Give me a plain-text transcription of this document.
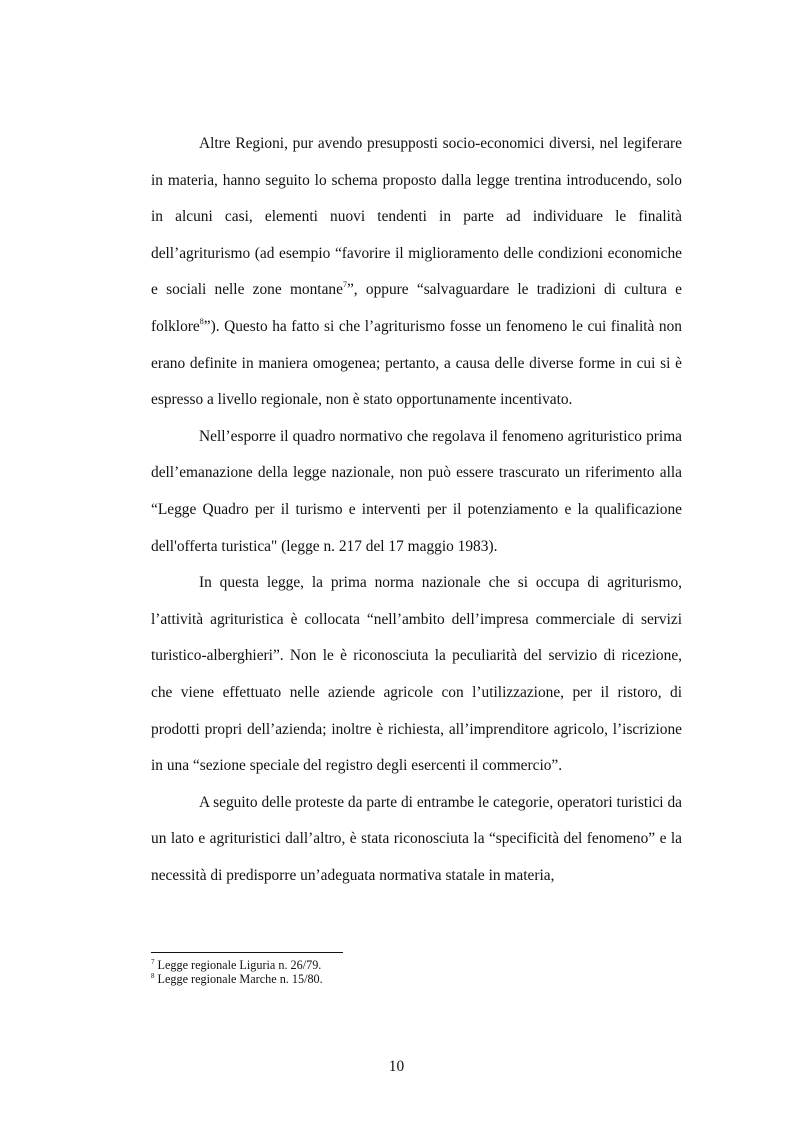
Altre Regioni, pur avendo presupposti socio-economici diversi, nel legiferare in materia, hanno seguito lo schema proposto dalla legge trentina introducendo, solo in alcuni casi, elementi nuovi tendenti in parte ad individuare le finalità dell’agriturismo (ad esempio “favorire il miglioramento delle condizioni economiche e sociali nelle zone montane$^7$”, oppure “salvaguardare le tradizioni di cultura e folklore$^8$”). Questo ha fatto si che l’agriturismo fosse un fenomeno le cui finalità non erano definite in maniera omogenea; pertanto, a causa delle diverse forme in cui si è espresso a livello regionale, non è stato opportunamente incentivato.

Nell’esporre il quadro normativo che regolava il fenomeno agrituristico prima dell’emanazione della legge nazionale, non può essere trascurato un riferimento alla “Legge Quadro per il turismo e interventi per il potenziamento e la qualificazione dell'offerta turistica" (legge n. 217 del 17 maggio 1983).

In questa legge, la prima norma nazionale che si occupa di agriturismo, l’attività agrituristica è collocata “nell’ambito dell’impresa commerciale di servizi turistico-alberghieri”. Non le è riconosciuta la peculiarità del servizio di ricezione, che viene effettuato nelle aziende agricole con l’utilizzazione, per il ristoro, di prodotti propri dell’azienda; inoltre è richiesta, all’imprenditore agricolo, l’iscrizione in una “sezione speciale del registro degli esercenti il commercio”.

A seguito delle proteste da parte di entrambe le categorie, operatori turistici da un lato e agrituristici dall’altro, è stata riconosciuta la “specificità del fenomeno” e la necessità di predisporre un’adeguata normativa statale in materia,

$^7$ Legge regionale Liguria n. 26/79.

$^8$ Legge regionale Marche n. 15/80.

10
